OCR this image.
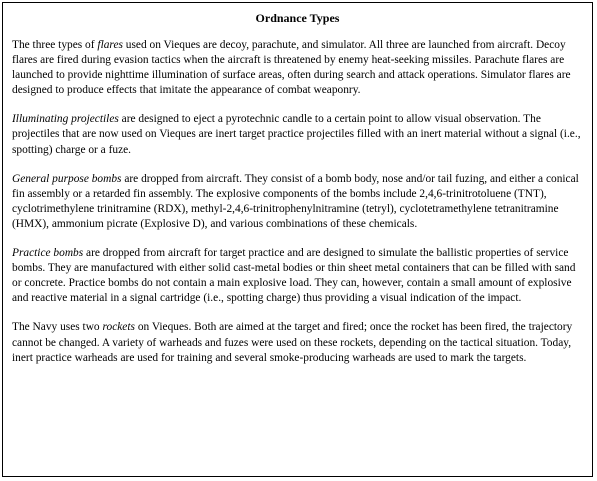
Ordnance Types

The three types of flares used on Vieques are decoy, parachute, and simulator. All three are launched from aircraft. Decoy flares are fired during evasion tactics when the aircraft is threatened by enemy heat-seeking missiles. Parachute flares are launched to provide nighttime illumination of surface areas, often during search and attack operations. Simulator flares are designed to produce effects that imitate the appearance of combat weaponry.

Illuminating projectiles are designed to eject a pyrotechnic candle to a certain point to allow visual observation. The projectiles that are now used on Vieques are inert target practice projectiles filled with an inert material without a signal (i.e., spotting) charge or a fuze.

General purpose bombs are dropped from aircraft. They consist of a bomb body, nose and/or tail fuzing, and either a conical fin assembly or a retarded fin assembly. The explosive components of the bombs include 2,4,6-trinitrotoluene (TNT), cyclotrimethylene trinitramine (RDX), methyl-2,4,6-trinitrophenylnitramine (tetryl), cyclotetramethylene tetranitramine (HMX), ammonium picrate (Explosive D), and various combinations of these chemicals.

Practice bombs are dropped from aircraft for target practice and are designed to simulate the ballistic properties of service bombs. They are manufactured with either solid cast-metal bodies or thin sheet metal containers that can be filled with sand or concrete. Practice bombs do not contain a main explosive load. They can, however, contain a small amount of explosive and reactive material in a signal cartridge (i.e., spotting charge) thus providing a visual indication of the impact.

The Navy uses two rockets on Vieques. Both are aimed at the target and fired; once the rocket has been fired, the trajectory cannot be changed. A variety of warheads and fuzes were used on these rockets, depending on the tactical situation. Today, inert practice warheads are used for training and several smoke-producing warheads are used to mark the targets.
